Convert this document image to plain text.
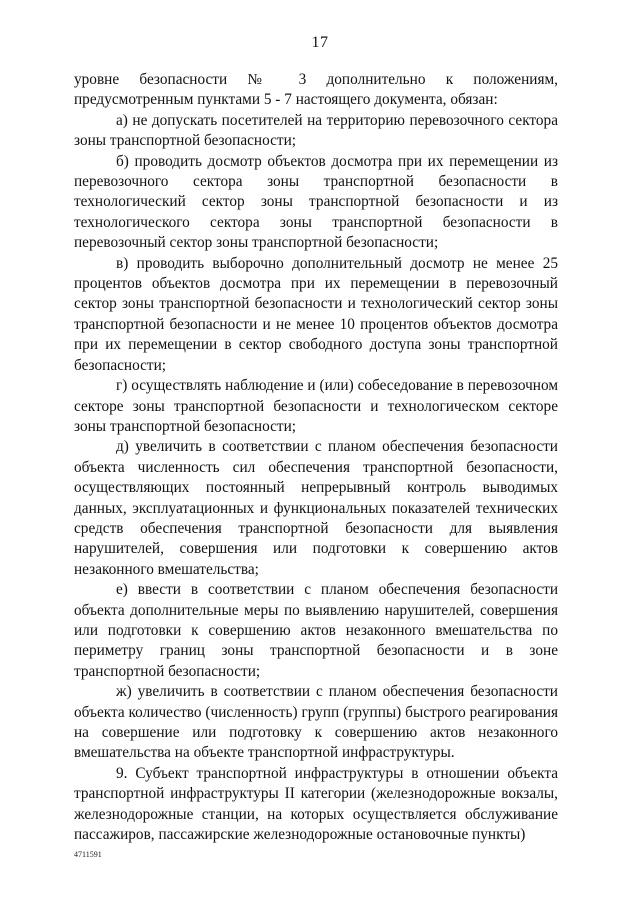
17

уровне безопасности № 3 дополнительно к положениям, предусмотренным пунктами 5 - 7 настоящего документа, обязан:

а) не допускать посетителей на территорию перевозочного сектора зоны транспортной безопасности;

б) проводить досмотр объектов досмотра при их перемещении из перевозочного сектора зоны транспортной безопасности в технологический сектор зоны транспортной безопасности и из технологического сектора зоны транспортной безопасности в перевозочный сектор зоны транспортной безопасности;

в) проводить выборочно дополнительный досмотр не менее 25 процентов объектов досмотра при их перемещении в перевозочный сектор зоны транспортной безопасности и технологический сектор зоны транспортной безопасности и не менее 10 процентов объектов досмотра при их перемещении в сектор свободного доступа зоны транспортной безопасности;

г) осуществлять наблюдение и (или) собеседование в перевозочном секторе зоны транспортной безопасности и технологическом секторе зоны транспортной безопасности;

д) увеличить в соответствии с планом обеспечения безопасности объекта численность сил обеспечения транспортной безопасности, осуществляющих постоянный непрерывный контроль выводимых данных, эксплуатационных и функциональных показателей технических средств обеспечения транспортной безопасности для выявления нарушителей, совершения или подготовки к совершению актов незаконного вмешательства;

е) ввести в соответствии с планом обеспечения безопасности объекта дополнительные меры по выявлению нарушителей, совершения или подготовки к совершению актов незаконного вмешательства по периметру границ зоны транспортной безопасности и в зоне транспортной безопасности;

ж) увеличить в соответствии с планом обеспечения безопасности объекта количество (численность) групп (группы) быстрого реагирования на совершение или подготовку к совершению актов незаконного вмешательства на объекте транспортной инфраструктуры.

9. Субъект транспортной инфраструктуры в отношении объекта транспортной инфраструктуры II категории (железнодорожные вокзалы, железнодорожные станции, на которых осуществляется обслуживание пассажиров, пассажирские железнодорожные остановочные пункты)

4711591
